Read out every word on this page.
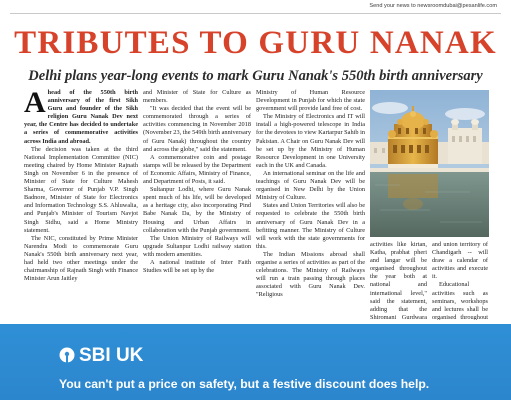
Send your news to newsroomdubai@pesanlife.com
TRIBUTES TO GURU NANAK
Delhi plans year-long events to mark Guru Nanak's 550th birth anniversary

Ahead of the 550th birth anniversary of the first Sikh Guru and founder of the Sikh religion Guru Nanak Dev next year, the Centre has decided to undertake a series of commemorative activities across India and abroad.

The decision was taken at the third National Implementation Committee (NIC) meeting chaired by Home Minister Rajnath Singh on November 6 in the presence of Minister of State for Culture Mahesh Sharma, Governor of Punjab V.P. Singh Badnore, Minister of State for Electronics and Information Technology S.S. Ahluwalia, and Punjab's Minister of Tourism Navjot Singh Sidhu, said a Home Ministry statement.

The NIC, constituted by Prime Minister Narendra Modi to commemorate Guru Nanak's 550th birth anniversary next year, had held two other meetings under the chairmanship of Rajnath Singh with Finance Minister Arun Jaitley

and Minister of State for Culture as members.

"It was decided that the event will be commemorated through a series of activities commencing in November 2018 (November 23, the 549th birth anniversary of Guru Nanak) throughout the country and across the globe," said the statement.

A commemorative coin and postage stamps will be released by the Department of Economic Affairs, Ministry of Finance, and Department of Posts, it said.

Sultanpur Lodhi, where Guru Nanak spent much of his life, will be developed as a heritage city, also incorporating Pind Babe Nanak Da, by the Ministry of Housing and Urban Affairs in collaboration with the Punjab government.

The Union Ministry of Railways will upgrade Sultanpur Lodhi railway station with modern amenities.

A national institute of Inter Faith Studies will be set up by the

Ministry of Human Resource Development in Punjab for which the state government will provide land free of cost.

The Ministry of Electronics and IT will install a high-powered telescope in India for the devotees to view Kartarpur Sahib in Pakistan. A Chair on Guru Nanak Dev will be set up by the Ministry of Human Resource Development in one University each in the UK and Canada.

An international seminar on the life and teachings of Guru Nanak Dev will be organised in New Delhi by the Union Ministry of Culture.

States and Union Territories will also be requested to celebrate the 550th birth anniversary of Guru Nanak Dev in a befitting manner. The Ministry of Culture will work with the state governments for this.

The Indian Missions abroad shall organise a series of activities as part of the celebrations. The Ministry of Railways will run a train passing through places associated with Guru Nanak Dev. "Religious

activities like kirtan, Katha, prabhat pheri and langar will be organised throughout the year both at national and international level," said the statement, adding that the Shiromani Gurdwara

and union territory of Chandigarh -- will draw a calendar of activities and execute it.

Educational activities such as seminars, workshops and lectures shall be organised throughout

SBI UK
You can't put a price on safety, but a festive discount does help.
